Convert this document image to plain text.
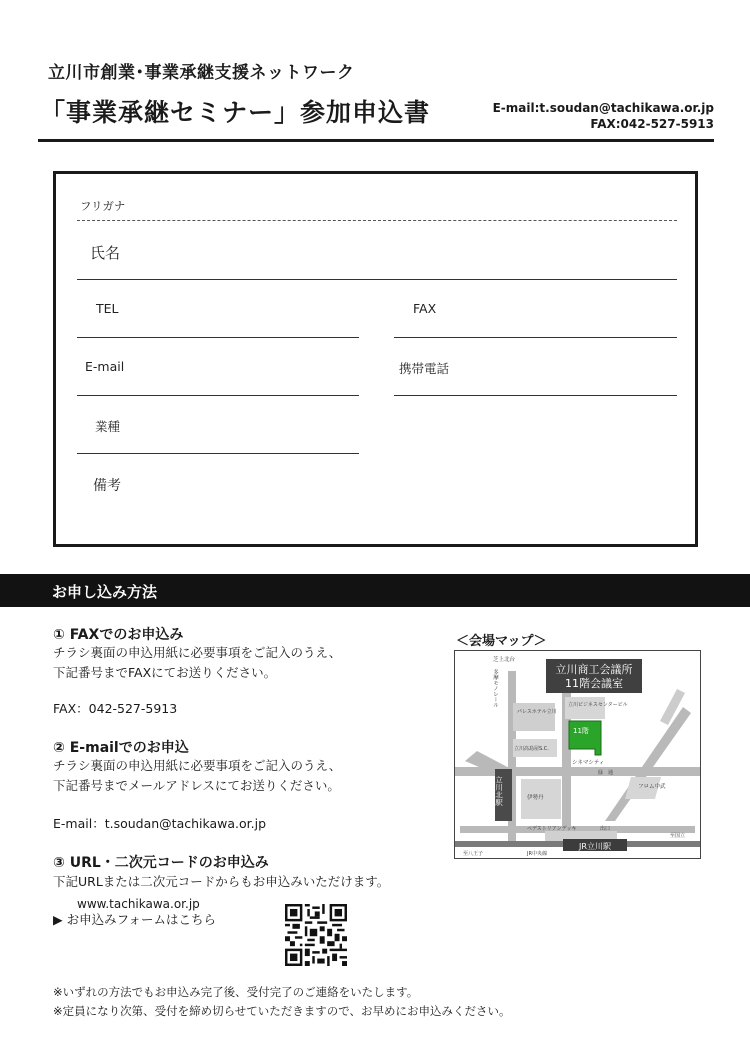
立川市創業･事業承継支援ネットワーク
「事業承継セミナー」参加申込書	E-mail:t.soudan@tachikawa.or.jp
FAX:042-527-5913
フリガナ
氏名
TEL	FAX
E-mail	携帯電話
業種
備考
お申し込み方法
① FAXでのお申込み
チラシ裏面の申込用紙に必要事項をご記入のうえ、
下記番号までFAXにてお送りください。
FAX：042-527-5913
② E-mailでのお申込
チラシ裏面の申込用紙に必要事項をご記入のうえ、
下記番号までメールアドレスにてお送りください。
E-mail：t.soudan@tachikawa.or.jp
③ URL・二次元コードのお申込み
下記URLまたは二次元コードからもお申込みいただけます。
www.tachikawa.or.jp
▶ お申込みフォームはこちら
＜会場マップ＞
立川商工会議所
11階会議室
芝上北台
多摩モノレール
パレスホテル立川
立川ビジネスセンタービル
11階
立川髙島屋S.C.
シネマシティ
緑　通
フロム中武
伊勢丹
立川北駅
ペデストリアンデッキ	出口
JR立川駅
至八王子	JR中央線
至国立
※いずれの方法でもお申込み完了後、受付完了のご連絡をいたします。
※定員になり次第、受付を締め切らせていただきますので、お早めにお申込みください。
